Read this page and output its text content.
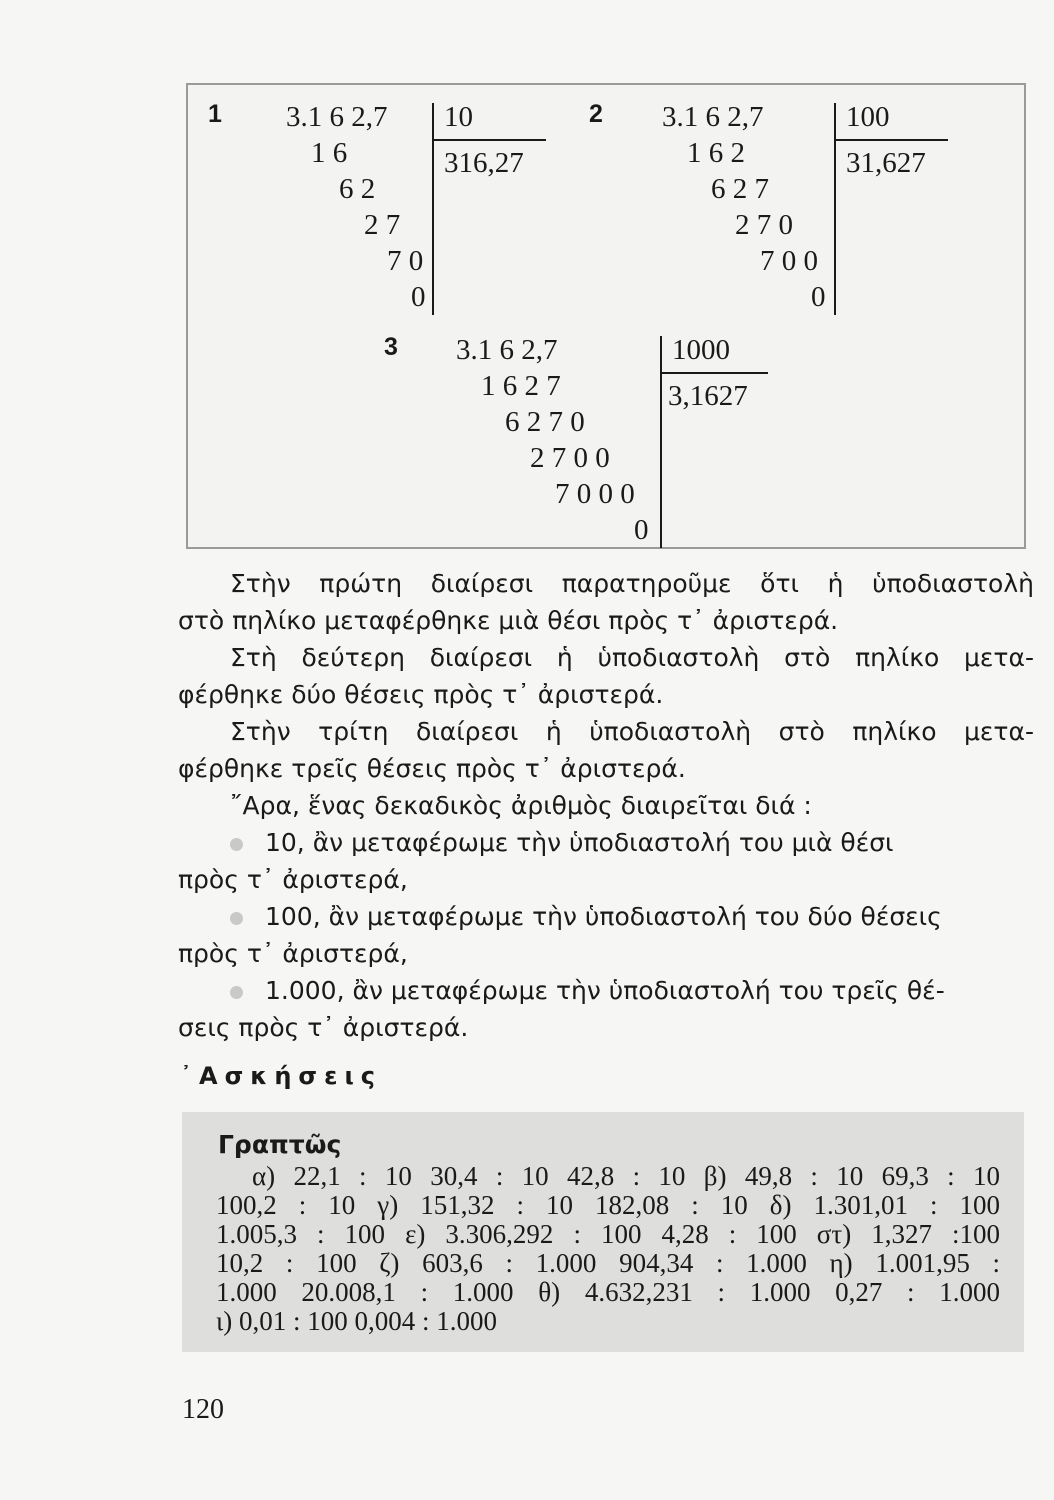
1 3.1 6 2,7
1 6
6 2
2 7
7 0
0
10
316,27
2 3.1 6 2,7
1 6 2
6 2 7
2 7 0
7 0 0
0
100
31,627
3 3.1 6 2,7
1 6 2 7
6 2 7 0
2 7 0 0
7 0 0 0
0
1000
3,1627
Στὴν πρώτη διαίρεσι παρατηροῦμε ὅτι ἡ ὑποδιαστολὴ
στὸ πηλίκο μεταφέρθηκε μιὰ θέσι πρὸς τ᾿ ἀριστερά.
Στὴ δεύτερη διαίρεσι ἡ ὑποδιαστολὴ στὸ πηλίκο μετα-
φέρθηκε δύο θέσεις πρὸς τ᾿ ἀριστερά.
Στὴν τρίτη διαίρεσι ἡ ὑποδιαστολὴ στὸ πηλίκο μετα-
φέρθηκε τρεῖς θέσεις πρὸς τ᾿ ἀριστερά.
῎Αρα, ἕνας δεκαδικὸς ἀριθμὸς διαιρεῖται διά :
10, ἂν μεταφέρωμε τὴν ὑποδιαστολή του μιὰ θέσι
πρὸς τ᾿ ἀριστερά,
100, ἂν μεταφέρωμε τὴν ὑποδιαστολή του δύο θέσεις
πρὸς τ᾿ ἀριστερά,
1.000, ἂν μεταφέρωμε τὴν ὑποδιαστολή του τρεῖς θέ-
σεις πρὸς τ᾿ ἀριστερά.
᾿Ασκήσεις
Γραπτῶς
α) 22,1 : 10 30,4 : 10 42,8 : 10 β) 49,8 : 10 69,3 : 10
100,2 : 10 γ) 151,32 : 10 182,08 : 10 δ) 1.301,01 : 100
1.005,3 : 100 ε) 3.306,292 : 100 4,28 : 100 στ) 1,327 :100
10,2 : 100 ζ) 603,6 : 1.000 904,34 : 1.000 η) 1.001,95 :
1.000 20.008,1 : 1.000 θ) 4.632,231 : 1.000 0,27 : 1.000
ι) 0,01 : 100 0,004 : 1.000
120
